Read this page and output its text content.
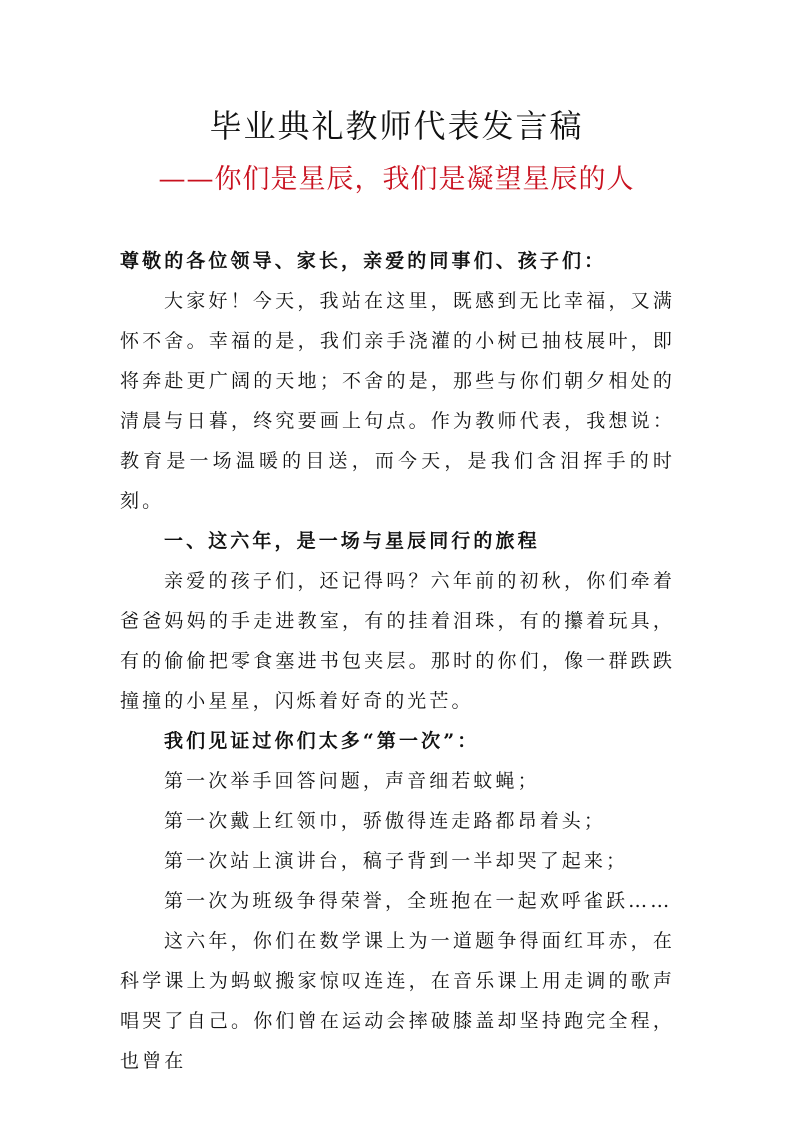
毕业典礼教师代表发言稿
——你们是星辰，我们是凝望星辰的人

尊敬的各位领导、家长，亲爱的同事们、孩子们：

大家好！今天，我站在这里，既感到无比幸福，又满怀不舍。幸福的是，我们亲手浇灌的小树已抽枝展叶，即将奔赴更广阔的天地；不舍的是，那些与你们朝夕相处的清晨与日暮，终究要画上句点。作为教师代表，我想说：教育是一场温暖的目送，而今天，是我们含泪挥手的时刻。

一、这六年，是一场与星辰同行的旅程

亲爱的孩子们，还记得吗？六年前的初秋，你们牵着爸爸妈妈的手走进教室，有的挂着泪珠，有的攥着玩具，有的偷偷把零食塞进书包夹层。那时的你们，像一群跌跌撞撞的小星星，闪烁着好奇的光芒。

我们见证过你们太多“第一次”：

第一次举手回答问题，声音细若蚊蝇；

第一次戴上红领巾，骄傲得连走路都昂着头；

第一次站上演讲台，稿子背到一半却哭了起来；

第一次为班级争得荣誉，全班抱在一起欢呼雀跃……

这六年，你们在数学课上为一道题争得面红耳赤，在科学课上为蚂蚁搬家惊叹连连，在音乐课上用走调的歌声唱哭了自己。你们曾在运动会摔破膝盖却坚持跑完全程，也曾在
